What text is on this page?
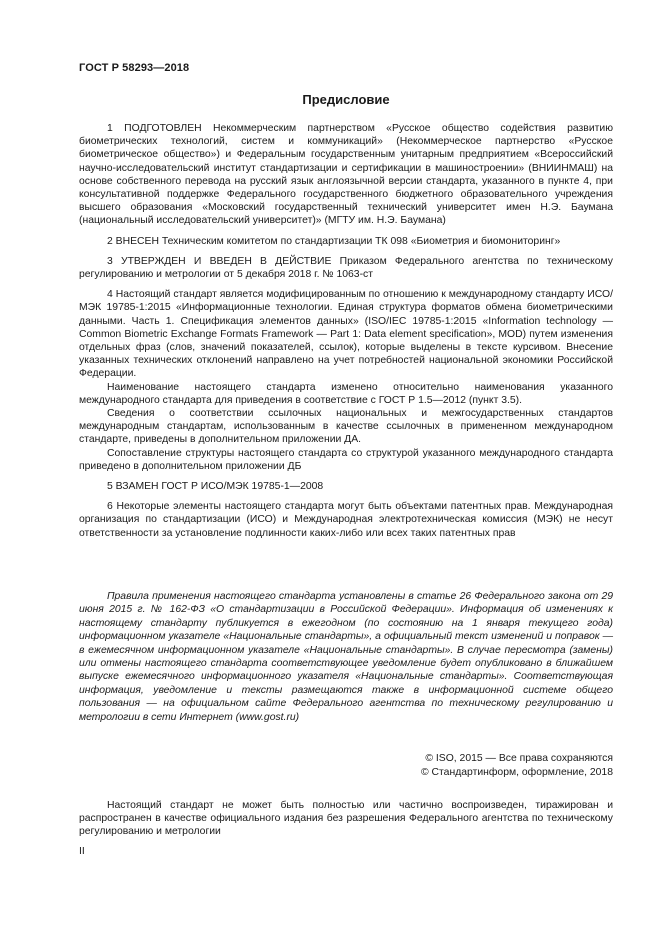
ГОСТ Р 58293—2018
Предисловие

1 ПОДГОТОВЛЕН Некоммерческим партнерством «Русское общество содействия развитию биометрических технологий, систем и коммуникаций» (Некоммерческое партнерство «Русское биометрическое общество») и Федеральным государственным унитарным предприятием «Всероссийский научно-исследовательский институт стандартизации и сертификации в машиностроении» (ВНИИНМАШ) на основе собственного перевода на русский язык англоязычной версии стандарта, указанного в пункте 4, при консультативной поддержке Федерального государственного бюджетного образовательного учреждения высшего образования «Московский государственный технический университет имен Н.Э. Баумана (национальный исследовательский университет)» (МГТУ им. Н.Э. Баумана)

2 ВНЕСЕН Техническим комитетом по стандартизации ТК 098 «Биометрия и биомониторинг»

3 УТВЕРЖДЕН И ВВЕДЕН В ДЕЙСТВИЕ Приказом Федерального агентства по техническому регулированию и метрологии от 5 декабря 2018 г. № 1063-ст

4 Настоящий стандарт является модифицированным по отношению к международному стандарту ИСО/МЭК 19785-1:2015 «Информационные технологии. Единая структура форматов обмена биометрическими данными. Часть 1. Спецификация элементов данных» (ISO/IEC 19785-1:2015 «Information technology — Common Biometric Exchange Formats Framework — Part 1: Data element specification», MOD) путем изменения отдельных фраз (слов, значений показателей, ссылок), которые выделены в тексте курсивом. Внесение указанных технических отклонений направлено на учет потребностей национальной экономики Российской Федерации.

Наименование настоящего стандарта изменено относительно наименования указанного международного стандарта для приведения в соответствие с ГОСТ Р 1.5—2012 (пункт 3.5).

Сведения о соответствии ссылочных национальных и межгосударственных стандартов международным стандартам, использованным в качестве ссылочных в примененном международном стандарте, приведены в дополнительном приложении ДА.

Сопоставление структуры настоящего стандарта со структурой указанного международного стандарта приведено в дополнительном приложении ДБ

5 ВЗАМЕН ГОСТ Р ИСО/МЭК 19785-1—2008

6 Некоторые элементы настоящего стандарта могут быть объектами патентных прав. Международная организация по стандартизации (ИСО) и Международная электротехническая комиссия (МЭК) не несут ответственности за установление подлинности каких-либо или всех таких патентных прав

Правила применения настоящего стандарта установлены в статье 26 Федерального закона от 29 июня 2015 г. № 162-ФЗ «О стандартизации в Российской Федерации». Информация об изменениях к настоящему стандарту публикуется в ежегодном (по состоянию на 1 января текущего года) информационном указателе «Национальные стандарты», а официальный текст изменений и поправок — в ежемесячном информационном указателе «Национальные стандарты». В случае пересмотра (замены) или отмены настоящего стандарта соответствующее уведомление будет опубликовано в ближайшем выпуске ежемесячного информационного указателя «Национальные стандарты». Соответствующая информация, уведомление и тексты размещаются также в информационной системе общего пользования — на официальном сайте Федерального агентства по техническому регулированию и метрологии в сети Интернет (www.gost.ru)

© ISO, 2015 — Все права сохраняются
© Стандартинформ, оформление, 2018

Настоящий стандарт не может быть полностью или частично воспроизведен, тиражирован и распространен в качестве официального издания без разрешения Федерального агентства по техническому регулированию и метрологии

II
